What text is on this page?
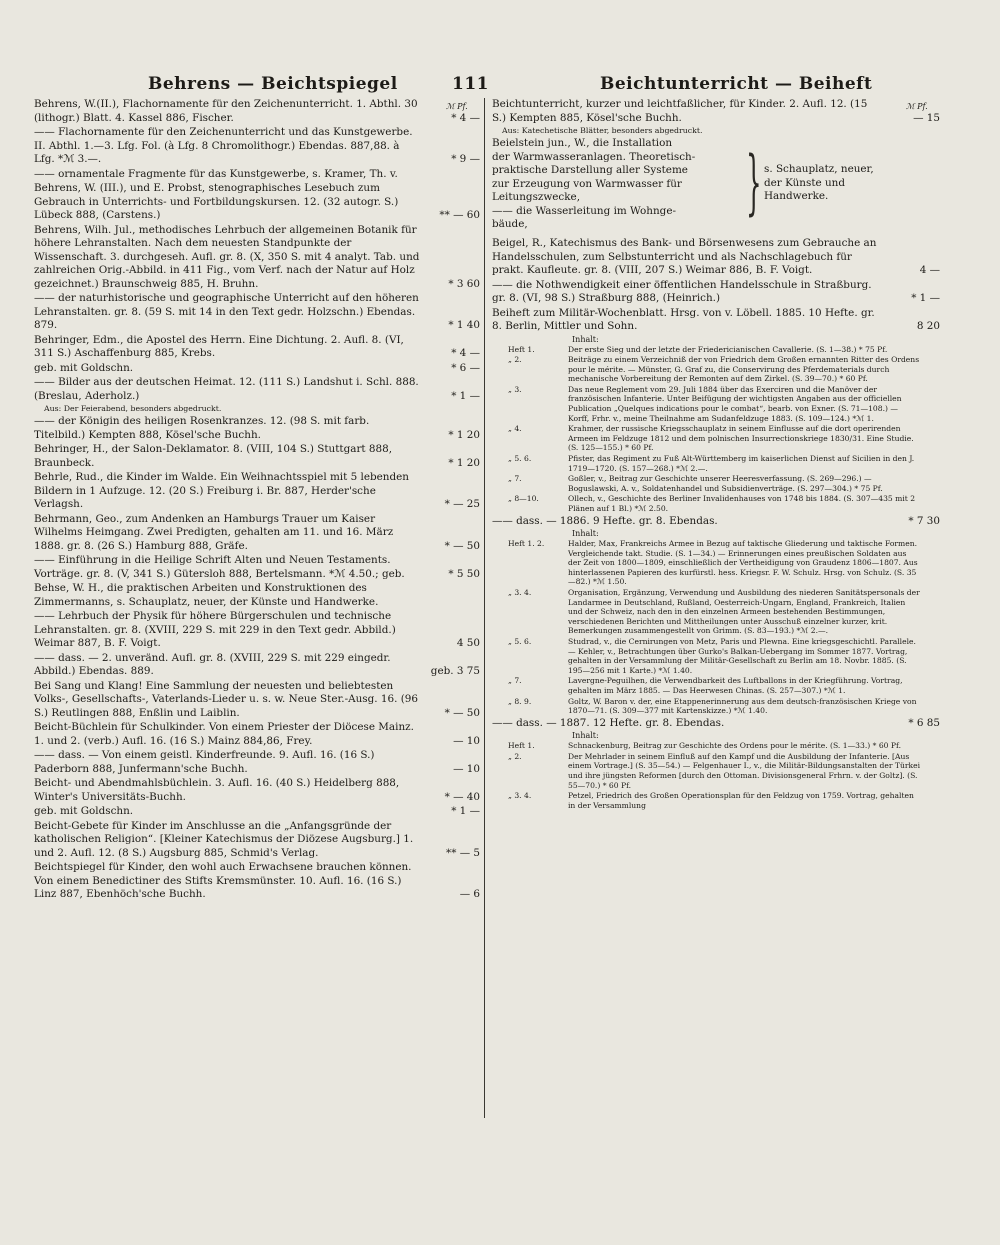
Behrens — Beichtspiegel	111	Beichtunterricht — Beiheft
ℳ Pf.	ℳ Pf.
Behrens, W.(II.), Flachornamente für den Zeichenunterricht. 1. Abthl. 30 (lithogr.) Blatt. 4. Kassel 886, Fischer.	* 4 —
—— Flachornamente für den Zeichenunterricht und das Kunstgewerbe. II. Abthl. 1.—3. Lfg. Fol. (à Lfg. 8 Chromolithogr.) Ebendas. 887,88. à Lfg. *ℳ 3.—.	* 9 —
—— ornamentale Fragmente für das Kunstgewerbe, s. Kramer, Th. v.
Behrens, W. (III.), und E. Probst, stenographisches Lesebuch zum Gebrauch in Unterrichts- und Fortbildungskursen. 12. (32 autogr. S.) Lübeck 888, (Carstens.)	** — 60
Behrens, Wilh. Jul., methodisches Lehrbuch der allgemeinen Botanik für höhere Lehranstalten. Nach dem neuesten Standpunkte der Wissenschaft. 3. durchgeseh. Aufl. gr. 8. (X, 350 S. mit 4 analyt. Tab. und zahlreichen Orig.-Abbild. in 411 Fig., vom Verf. nach der Natur auf Holz gezeichnet.) Braunschweig 885, H. Bruhn.	* 3 60
—— der naturhistorische und geographische Unterricht auf den höheren Lehranstalten. gr. 8. (59 S. mit 14 in den Text gedr. Holzschn.) Ebendas. 879.	* 1 40
Behringer, Edm., die Apostel des Herrn. Eine Dichtung. 2. Aufl. 8. (VI, 311 S.) Aschaffenburg 885, Krebs.	* 4 —
geb. mit Goldschn.	* 6 —
—— Bilder aus der deutschen Heimat. 12. (111 S.) Landshut i. Schl. 888. (Breslau, Aderholz.)	* 1 —
Aus: Der Feierabend, besonders abgedruckt.
—— der Königin des heiligen Rosenkranzes. 12. (98 S. mit farb. Titelbild.) Kempten 888, Kösel'sche Buchh.	* 1 20
Behringer, H., der Salon-Deklamator. 8. (VIII, 104 S.) Stuttgart 888, Braunbeck.	* 1 20
Behrle, Rud., die Kinder im Walde. Ein Weihnachtsspiel mit 5 lebenden Bildern in 1 Aufzuge. 12. (20 S.) Freiburg i. Br. 887, Herder'sche Verlagsh.	* — 25
Behrmann, Geo., zum Andenken an Hamburgs Trauer um Kaiser Wilhelms Heimgang. Zwei Predigten, gehalten am 11. und 16. März 1888. gr. 8. (26 S.) Hamburg 888, Gräfe.	* — 50
—— Einführung in die Heilige Schrift Alten und Neuen Testaments. Vorträge. gr. 8. (V, 341 S.) Gütersloh 888, Bertelsmann. *ℳ 4.50.; geb.	* 5 50
Behse, W. H., die praktischen Arbeiten und Konstruktionen des Zimmermanns, s. Schauplatz, neuer, der Künste und Handwerke.
—— Lehrbuch der Physik für höhere Bürgerschulen und technische Lehranstalten. gr. 8. (XVIII, 229 S. mit 229 in den Text gedr. Abbild.) Weimar 887, B. F. Voigt.	4 50
—— dass. — 2. unveränd. Aufl. gr. 8. (XVIII, 229 S. mit 229 eingedr. Abbild.) Ebendas. 889.	geb. 3 75
Bei Sang und Klang! Eine Sammlung der neuesten und beliebtesten Volks-, Gesellschafts-, Vaterlands-Lieder u. s. w. Neue Ster.-Ausg. 16. (96 S.) Reutlingen 888, Enßlin und Laiblin.	* — 50
Beicht-Büchlein für Schulkinder. Von einem Priester der Diöcese Mainz. 1. und 2. (verb.) Aufl. 16. (16 S.) Mainz 884,86, Frey.	— 10
—— dass. — Von einem geistl. Kinderfreunde. 9. Aufl. 16. (16 S.) Paderborn 888, Junfermann'sche Buchh.	— 10
Beicht- und Abendmahlsbüchlein. 3. Aufl. 16. (40 S.) Heidelberg 888, Winter's Universitäts-Buchh.	* — 40
geb. mit Goldschn.	* 1 —
Beicht-Gebete für Kinder im Anschlusse an die „Anfangsgründe der katholischen Religion“. [Kleiner Katechismus der Diözese Augsburg.] 1. und 2. Aufl. 12. (8 S.) Augsburg 885, Schmid's Verlag.	** — 5
Beichtspiegel für Kinder, den wohl auch Erwachsene brauchen können. Von einem Benedictiner des Stifts Kremsmünster. 10. Aufl. 16. (16 S.) Linz 887, Ebenhöch'sche Buchh.	— 6
Beichtunterricht, kurzer und leichtfaßlicher, für Kinder. 2. Aufl. 12. (15 S.) Kempten 885, Kösel'sche Buchh.	— 15
Aus: Katechetische Blätter, besonders abgedruckt.
Beielstein jun., W., die Installation
der Warmwasseranlagen. Theoretisch-
praktische Darstellung aller Systeme
zur Erzeugung von Warmwasser für
Leitungszwecke,
—— die Wasserleitung im Wohnge-
bäude,
} s. Schauplatz, neuer, der Künste und Handwerke.
Beigel, R., Katechismus des Bank- und Börsenwesens zum Gebrauche an Handelsschulen, zum Selbstunterricht und als Nachschlagebuch für prakt. Kaufleute. gr. 8. (VIII, 207 S.) Weimar 886, B. F. Voigt.	4 —
—— die Nothwendigkeit einer öffentlichen Handelsschule in Straßburg. gr. 8. (VI, 98 S.) Straßburg 888, (Heinrich.)	* 1 —
Beiheft zum Militär-Wochenblatt. Hrsg. von v. Löbell. 1885. 10 Hefte. gr. 8. Berlin, Mittler und Sohn.	8 20
Inhalt:
Heft 1.	Der erste Sieg und der letzte der Friedericianischen Cavallerie. (S. 1—38.) * 75 Pf.
„ 2.	Beiträge zu einem Verzeichniß der von Friedrich dem Großen ernannten Ritter des Ordens pour le mérite. — Münster, G. Graf zu, die Conservirung des Pferdematerials durch mechanische Vorbereitung der Remonten auf dem Zirkel. (S. 39—70.) * 60 Pf.
„ 3.	Das neue Reglement vom 29. Juli 1884 über das Exerciren und die Manöver der französischen Infanterie. Unter Beifügung der wichtigsten Angaben aus der officiellen Publication „Quelques indications pour le combat“, bearb. von Exner. (S. 71—108.) — Korff, Frhr. v., meine Theilnahme am Sudanfeldzuge 1883. (S. 109—124.) *ℳ 1.
„ 4.	Krahmer, der russische Kriegsschauplatz in seinem Einflusse auf die dort operirenden Armeen im Feldzuge 1812 und dem polnischen Insurrectionskriege 1830/31. Eine Studie. (S. 125—155.) * 60 Pf.
„ 5. 6.	Pfister, das Regiment zu Fuß Alt-Württemberg im kaiserlichen Dienst auf Sicilien in den J. 1719—1720. (S. 157—268.) *ℳ 2.—.
„ 7.	Goßler, v., Beitrag zur Geschichte unserer Heeresverfassung. (S. 269—296.) — Boguslawski, A. v., Soldatenhandel und Subsidienverträge. (S. 297—304.) * 75 Pf.
„ 8—10.	Ollech, v., Geschichte des Berliner Invalidenhauses von 1748 bis 1884. (S. 307—435 mit 2 Plänen auf 1 Bl.) *ℳ 2.50.
—— dass. — 1886. 9 Hefte. gr. 8. Ebendas.	* 7 30
Inhalt:
Heft 1. 2.	Halder, Max, Frankreichs Armee in Bezug auf taktische Gliederung und taktische Formen. Vergleichende takt. Studie. (S. 1—34.) — Erinnerungen eines preußischen Soldaten aus der Zeit von 1800—1809, einschließlich der Vertheidigung von Graudenz 1806—1807. Aus hinterlassenen Papieren des kurfürstl. hess. Kriegsr. F. W. Schulz. Hrsg. von Schulz. (S. 35—82.) *ℳ 1.50.
„ 3. 4.	Organisation, Ergänzung, Verwendung und Ausbildung des niederen Sanitätspersonals der Landarmee in Deutschland, Rußland, Oesterreich-Ungarn, England, Frankreich, Italien und der Schweiz, nach den in den einzelnen Armeen bestehenden Bestimmungen, verschiedenen Berichten und Mittheilungen unter Ausschuß einzelner kurzer, krit. Bemerkungen zusammengestellt von Grimm. (S. 83—193.) *ℳ 2.—.
„ 5. 6.	Studrad, v., die Cernirungen von Metz, Paris und Plewna. Eine kriegsgeschichtl. Parallele. — Kehler, v., Betrachtungen über Gurko's Balkan-Uebergang im Sommer 1877. Vortrag, gehalten in der Versammlung der Militär-Gesellschaft zu Berlin am 18. Novbr. 1885. (S. 195—256 mit 1 Karte.) *ℳ 1.40.
„ 7.	Lavergne-Peguilhen, die Verwendbarkeit des Luftballons in der Kriegführung. Vortrag, gehalten im März 1885. — Das Heerwesen Chinas. (S. 257—307.) *ℳ 1.
„ 8. 9.	Goltz, W. Baron v. der, eine Etappenerinnerung aus dem deutsch-französischen Kriege von 1870—71. (S. 309—377 mit Kartenskizze.) *ℳ 1.40.
—— dass. — 1887. 12 Hefte. gr. 8. Ebendas.	* 6 85
Inhalt:
Heft 1.	Schnackenburg, Beitrag zur Geschichte des Ordens pour le mérite. (S. 1—33.) * 60 Pf.
„ 2.	Der Mehrlader in seinem Einfluß auf den Kampf und die Ausbildung der Infanterie. [Aus einem Vortrage.] (S. 35—54.) — Felgenhauer I., v., die Militär-Bildungsanstalten der Türkei und ihre jüngsten Reformen [durch den Ottoman. Divisionsgeneral Frhrn. v. der Goltz]. (S. 55—70.) * 60 Pf.
„ 3. 4.	Petzel, Friedrich des Großen Operationsplan für den Feldzug von 1759. Vortrag, gehalten in der Versammlung
